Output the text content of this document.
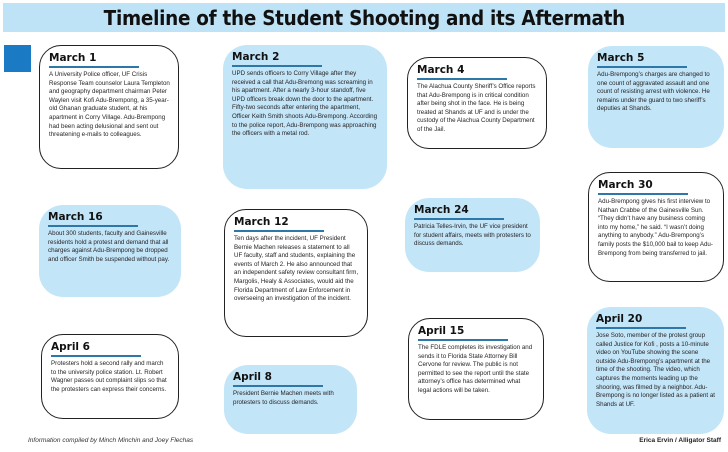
Timeline of the Student Shooting and its Aftermath
March 1

A University Police officer, UF Crisis Response Team counselor Laura Templeton and geography department chairman Peter Waylen visit Kofi Adu-Brempong, a 35-year-old Ghanan graduate student, at his apartment in Corry Village. Adu-Brempong had been acting delusional and sent out threatening e-mails to colleagues.

March 2

UPD sends officers to Corry Village after they received a call that Adu-Bremong was screaming in his apartment. After a nearly 3-hour standoff, five UPD officers break down the door to the apartment. Fifty-two seconds after entering the apartment, Officer Keith Smith shoots Adu-Brempong. According to the police report, Adu-Brempong was approaching the officers with a metal rod.

March 4

The Alachua County Sheriff’s Office reports that Adu-Brempong is in critical condition after being shot in the face. He is being treated at Shands at UF and is under the custody of the Alachua County Department of the Jail.

March 5

Adu-Brempong’s charges are changed to one count of aggravated assault and one count of resisting arrest with violence. He remains under the guard to two sheriff’s deputies at Shands.

March 30

Adu-Brempong gives his first interview to Nathan Crabbe of the Gainesville Sun. “They didn’t have any business coming into my home,” he said. “I wasn’t doing anything to anybody.” Adu-Brempong’s family posts the $10,000 bail to keep Adu-Brempong from being transferred to jail.

March 16

About 300 students, faculty and Gainesville residents hold a protest and demand that all charges against Adu-Brempong be dropped and officer Smith be suspended without pay.

March 12

Ten days after the incident, UF President Bernie Machen releases a statement to all UF faculty, staff and students, explaining the events of March 2. He also announced that an independent safety review consultant firm, Margolis, Healy & Associates, would aid the Florida Department of Law Enforcement in overseeing an investigation of the incident.

March 24

Patricia Telles-Irvin, the UF vice president for student affairs, meets with protesters to discuss demands.

April 6

Protesters hold a second rally and march to the university police station. Lt. Robert Wagner passes out complaint slips so that the protesters can express their concerns.

April 8

President Bernie Machen meets with protesters to discuss demands.

April 15

The FDLE completes its investigation and sends it to Florida State Attorney Bill Cervone for review. The public is not permitted to see the report until the state attorney’s office has determined what legal actions will be taken.

April 20

Jose Soto, member of the protest group called Justice for Kofi , posts a 10-minute video on YouTube showing the scene outside Adu-Brempong’s apartment at the time of the shooting. The video, which captures the moments leading up the shooring, was filmed by a neighbor. Adu-Brempong is no longer listed as a patient at Shands at UF.

Information compiled by Minch Minchin and Joey Flechas	Erica Ervin / Alligator Staff
